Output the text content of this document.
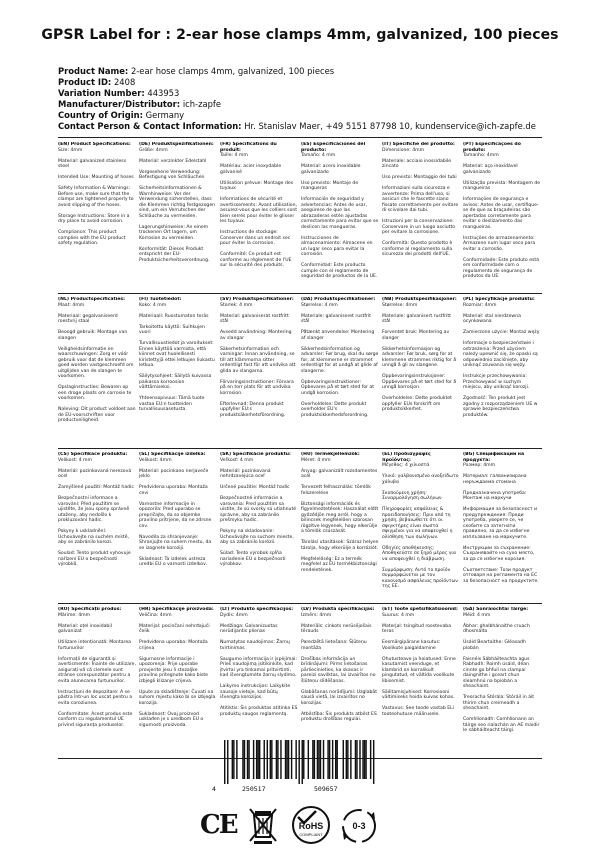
GPSR Label for : 2-ear hose clamps 4mm, galvanized, 100 pieces
Product Name: 2-ear hose clamps 4mm, galvanized, 100 pieces
Product ID: 2408
Variation Number: 443953
Manufacturer/Distributor: ich-zapfe
Country of Origin: Germany
Contact Person & Contact Information: Hr. Stanislav Maer, +49 5151 87798 10, kundenservice@ich-zapfe.de
(EN) Product Specifications:
Size: 4mm

Material: galvanized stainless steel

Intended Use: Mounting of hoses

Safety Information & Warnings: Before use, make sure that the clamps are tightened properly to avoid slipping of the hoses.

Storage Instructions: Store in a dry place to avoid corrosion.

Compliance: This product complies with the EU product safety regulation.
(DE) Produktspezifikationen:
Größe: 4mm

Material: verzinkter Edelstahl

Vorgesehene Verwendung: Befestigung von Schläuchen

Sicherheitsinformationen & Warnhinweise: Vor der Verwendung sicherstellen, dass die Klemmen richtig festgezogen sind, um ein Verrutschen der Schläuche zu vermeiden.

Lagerungshinweise: An einem trockenen Ort lagern, um Korrosion zu vermeiden.

Konformität: Dieses Produkt entspricht der EU-Produktsicherheitsverordnung.
(FR) Spécifications du produit:
Taille: 4 mm

Matériau: acier inoxydable galvanisé

Utilisation prévue: Montage des tuyaux

Informations de sécurité et avertissements: Avant utilisation, assurez-vous que les colliers sont bien serrés pour éviter le glisser les tuyaux.

Instructions de stockage: Conserver dans un endroit sec pour éviter la corrosion.

Conformité: Ce produit est conforme au règlement de l'UE sur la sécurité des produits.
(ES) Especificaciones del producto:
Tamaño: 4 mm

Material: acero inoxidable galvanizado

Uso previsto: Montaje de mangueras

Información de seguridad y advertencias: Antes de usar, asegúrese de que las abrazaderas estén ajustadas correctamente para evitar que se deslicen las mangueras.

Instrucciones de almacenamiento: Almacene en un lugar seco para evitar la corrosión.

Conformidad: Este producto cumple con el reglamento de seguridad de productos de la UE.
(IT) Specifiche del prodotto:
Dimensione: 4mm

Materiale: acciaio inossidabile zincato

Uso previsto: Montaggio dei tubi

Informazioni sulla sicurezza e avvertenze: Prima dell'uso, si assicuri che le fascette siano fissate correttamente per evitare di scivolare dai tubi.

Istruzioni per la conservazione: Conservare in un luogo asciutto per evitare la corrosione.

Conformità: Questo prodotto è conforme al regolamento sulla sicurezza dei prodotti dell'UE.
(PT) Especificações do produto:
Tamanho: 4mm

Material: aço inoxidável galvanizado

Utilização prevista: Montagem de mangueiras

Informações de segurança e avisos: Antes de usar, certifique-se de que as braçadeiras são apertadas corretamente para evitar o deslizamento das mangueiras.

Instruções de armazenamento: Armazene num lugar seco para evitar a corrosão.

Conformidade: Este produto está em conformidade com o regulamento de segurança de produtos da UE.
(NL) Productspecificaties:
Maat: 4mm

Materiaal: gegalvaniseerd roestvrij staal

Beoogd gebruik: Montage van slangen

Veiligheidsinformatie en waarschuwingen: Zorg er vóór gebruik voor dat de klemmen goed worden vastgeschroefd om uitglijden van de slangen te voorkomen.

Opslaginstructies: Bewaren op een droge plaats om corrosie te voorkomen.

Naleving: Dit product voldoet aan de EU-voorschriften voor productveiligheid.
(FI) Tuotetiedot:
Koko: 4 mm

Materiaali: Ruostumaton teräs

Tarkoitettu käyttö: Suihkujen vuori

Turvallisuustiedot ja varoitukset: Ennen käyttöä varmista, että kiinnet ovat huolellisesti kiristettyjä ettei letkujen liukastu letkua.

Säilytysohjeet: Säilytä kuivassa paikassa korroosion välttämiseksi.

Yhteensopivuus: Tämä tuote vastaa EU:n tuotteiden turvallisuusasetusta.
(SV) Produktspecifikationer:
Storlek: 4 mm

Material: galvaniserat rostfritt stål

Avsedd användning: Montering av slangar

Säkerhetsinformation och varningar: Innan användning, se till att klämmorna sitter ordentligt fast för att undvika att glida av slangarna.

Förvaringsinstruktioner: Förvara på en torr plats för att undvika korrosion.

Efterlevnad: Denna produkt uppfyller EU:s produktsäkerhetsförordning.
(DA) Produktspecifikationer:
Størrelse: 4 mm

Materiale: galvaniseret rustfrit stål

Påtænkt anvendelse: Montering af slanger

Sikkerhedsinformation og advarsler: Før brug, skal du sørge for, at klemmerne er strammet ordentligt for at undgå at glide af slangerne.

Opbevaringsinstruktioner: Opbevares på et tørt sted for at undgå korrosion.

Overholdelse: Dette produkt overholder EU's produktsikkerhedsforordning.
(NB) Produktspesifikasjoner:
Størrelse: 4mm

Materiale: galvanisert rustfritt stål

Forventet bruk: Montering av slanger

Sikkerhetsinformasjon og advarsler: Før bruk, sørg for at klemmene strammes riktig for å unngå å gli av slangene.

Oppbevaringsinstruksjoner: Oppbevares på et tørt sted for å unngå korrosjon.

Overholdelse: Dette produktet oppfyller EUs forskrift om produktsikkerhet.
(PL) Specyfikacje produktu:
Rozmiar: 4mm

Materiał: stal nierdzewna ocynkowana

Zamierzone użycie: Montaż węży

Informacje o bezpieczeństwie i ostrzeżenia: Przed użyciem należy upewnić się, że opaski są odpowiednio zaciśnięte, aby uniknąć zsuwania się węży.

Instrukcje przechowywania: Przechowywać w suchym miejscu, aby uniknąć korozji.

Zgodność: Ten produkt jest zgodny z rozporządzeniem UE w sprawie bezpieczeństwa produktów.
(CS) Specifikace produktu:
Velikost: 4 mm

Materiál: pozinkovaná nerezová ocel

Zamýšlené použití: Montáž hadic

Bezpečnostní informace a varování: Před použitím se ujistěte, že jsou spony správně utaženy, aby nedošlo k prokluzování hadic.

Pokyny k uskladnění: Uchovávejte na suchém místě, aby se zabránilo korozi.

Soulad: Tento produkt vyhovuje nařízení EU o bezpečnosti výrobků.
(SL) Specifikacije izdelka:
Velikost: 4mm

Material: pocinkano nerjaveče jeklo

Predvidena uporaba: Montaža cevi

Varnostne informacije in opozorila: Pred uporabo se prepričajte, da so objemke pravilno pritrjene, da ne zdrsne cev.

Navodila za shranjevanje: Shranjujte na suhem mestu, da se izognete koroziji.

Skladnost: Ta izdelek ustreza uredbi EU o varnosti izdelkov.
(SK) Špecifikácie produktu:
Veľkosť: 4 mm

Materiál: pozinkovaná nehrdzavejúca oceľ

Určené použitie: Montáž hadíc

Bezpečnostné informácie a varovania: Pred použitím sa uistite, že sú svorky sú utiahnuté správne, aby sa zabránilo prešmyku hadíc.

Pokyny na skladovanie: Uchovávajte na suchom mieste, aby sa zabránilo korózii.

Súlad: Tento výrobok spĺňa nariadenie EÚ o bezpečnosti výrobkov.
(HU) Termékjellemzők:
Méret: 4 mm

Anyag: galvanizált rozsdamentes acél

Tervezett felhasználás: tömlők felszerelése

Biztonsági információk és figyelmeztetések: Használat előtt győződjön meg arról, hogy a bilincsek megfelelően szorosan rögzítve legyenek, hogy elkerülje a tömlők csúszását.

Tárolási utasítások: Száraz helyen tárolja, hogy elkerülje a korróziót.

Megfelelőség: Ez a termék megfelel az EU termékbiztonsági rendeletének.
(EL) Προδιαγραφές προϊόντος:
Μέγεθος: 4 χιλιοστά

Υλικό: γαλβανισμένο ανοξείδωτο χάλυβα

Σκοπούμενη χρήση: Συναρμολόγηση σωλήνων

Πληροφορίες ασφάλειας & προειδοποιήσεις: Πριν από τη χρήση, βεβαιωθείτε ότι οι σφιγκτήρες είναι σωστά σφιγμένοι για να αποφευχθεί η ολίσθηση των σωλήνων.

Οδηγίες αποθήκευσης: Αποθηκεύστε σε ξηρό μέρος για να αποφευχθεί η διάβρωση.

Συμμόρφωση: Αυτό το προϊόν συμμορφώνεται με τον κανονισμό ασφάλειας προϊόντων της ΕΕ.
(BG) Спецификации на продукта:
Размер: 4mm

Материал: галванизирана неръждаема стомана

Предназначена употреба: Монтаж на маркучи

Информация за безопасност и предупреждения: Преди употреба, уверете се, че скобите са затегнати правилно, за да се избегне изплъзване на маркучите.

Инструкции за съхранение: Съхранявайте на сухо място, за да се избегне корозия.

Съответствие: Този продукт отговаря на регламента на ЕС за безопасност на продуктите.
(RO) Specificații produs:
Mărime: 4mm

Material: oțel inoxidabil galvanizat

Utilizare intenționată: Montarea furtunurilor

Informații de siguranță și avertismente: Înainte de utilizare, asigurați-vă că clemele sunt strânse corespunzător pentru a evita alunecarea furtunurilor.

Instrucțiuni de depozitare: A se păstra într-un loc uscat pentru a evita coroziunea.

Conformitate: Acest produs este conform cu regulamentul UE privind siguranța produselor.
(HR) Specifikacije proizvoda:
Veličina: 4mm

Materijal: pocinčani nehrđajući čelik

Predviđena uporaba: Montaža crijeva

Sigurnosne informacije i upozorenja: Prije uporabe provjerite jesu li stezaljke pravilno pritegnute kako biste izbjegli klizanje crijeva.

Upute za skladištenje: Čuvati na suhom mjestu kako bi se izbjegla korozija.

Sukladnost: Ovaj proizvod usklađen je s uredbom EU o sigurnosti proizvoda.
(LT) Produkto specifikacijos:
Dydis: 4mm

Medžiaga: Galvanizuotas nerūdijantis plienas

Numatytas naudojimas: Žarnų tvirtinimas

Saugumo informacija ir įspėjimai: Prieš naudojimą įsitikinkite, kad įtvirtai yra tinkamai pritvirtinti, kad išvengtumėte žarnų slydimo.

Laikymo instrukcijos: Laikykite sausoje vietoje, kad būtų išvengta korozijos.

Atitiktis: Šis produktas atitinka ES produktų saugos reglamentą.
(LV) Produkta specifikācijas:
Izmērs: 4mm

Materiāls: cinkots nerūsējošais tērauds

Paredzētā lietošana: Šļūteņu montāža

Drošības informācija un brīdinājumi: Pirms lietošanas pārliecinieties, ka skavas ir pareizi savilktas, lai izvairītos no šļūteņu slīdēšanas.

Glabāšanas norādījumi: Uzglabāt sausā vietā, lai izvairītos no korozijas.

Atbilstība: Šis produkts atbilst ES produktu drošības regulai.
(ET) Toote spetsifikatsioonid:
Suurus: 4 mm

Materjal: tsingitud roostevaba teras

Eesmärgipärane kasutus: Voolikute paigaldamine

Ohutusteave ja hoiatused: Enne kasutamist veenduge, et klambrid on korralikult pingutatud, et vältida voolikute libisemist.

Säilitamisjuhised: Korrosiooni vältimiseks hoida kuivas kohas.

Vastavus: See toode vastab ELi tooteohutuse määrusele.
(GA) Sonraíochtaí Táirge:
Méid: 4 mm

Ábhar: ghalbhánaithe cruach dhosmálta

Úsáid Beartaithe: Gléasadh píobán

Faisnéis Sábháilteachta agus Rabhadh: Roimh úsáid, déan cinnte go bhfuil na clampaí daingnithe i gceart chun sleamhnú na bpíobán a sheachaint.

Treoracha Stórála: Stóráil in áit thirim chun creimeadh a sheachaint.

Comhlíonadh: Comhlíonann an táirge seo rialachán an AE maidir le sábháilteacht táirgí.
4	250517	509657
CE	RoHS
COMPLIANT
0-3
